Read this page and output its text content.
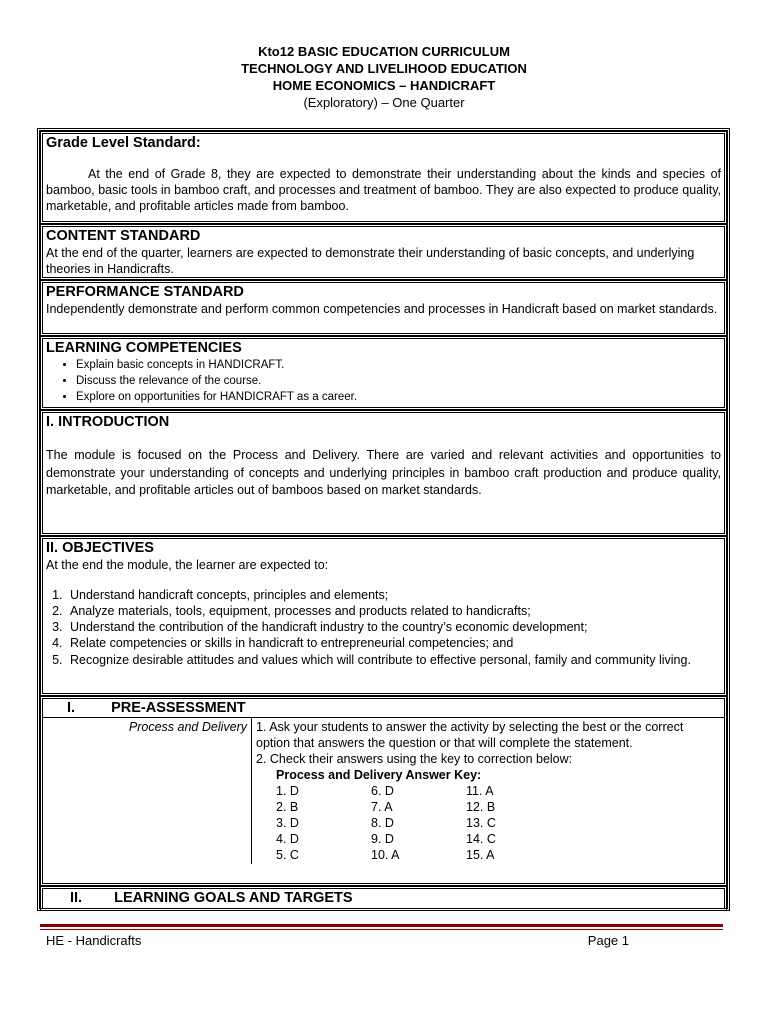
Kto12 BASIC EDUCATION CURRICULUM
TECHNOLOGY AND LIVELIHOOD EDUCATION
HOME ECONOMICS – HANDICRAFT
(Exploratory) – One Quarter
Grade Level Standard:

At the end of Grade 8, they are expected to demonstrate their understanding about the kinds and species of bamboo, basic tools in bamboo craft, and processes and treatment of bamboo. They are also expected to produce quality, marketable, and profitable articles made from bamboo.

CONTENT STANDARD

At the end of the quarter, learners are expected to demonstrate their understanding of basic concepts, and underlying theories in Handicrafts.

PERFORMANCE STANDARD

Independently demonstrate and perform common competencies and processes in Handicraft based on market standards.

LEARNING COMPETENCIES
• Explain basic concepts in HANDICRAFT.
• Discuss the relevance of the course.
• Explore on opportunities for HANDICRAFT as a career.
I. INTRODUCTION

The module is focused on the Process and Delivery. There are varied and relevant activities and opportunities to demonstrate your understanding of concepts and underlying principles in bamboo craft production and produce quality, marketable, and profitable articles out of bamboos based on market standards.

II. OBJECTIVES

At the end the module, the learner are expected to:

1. Understand handicraft concepts, principles and elements;
2. Analyze materials, tools, equipment, processes and products related to handicrafts;
3. Understand the contribution of the handicraft industry to the country’s economic development;
4. Relate competencies or skills in handicraft to entrepreneurial competencies; and
5. Recognize desirable attitudes and values which will contribute to effective personal, family and community living.
I. PRE-ASSESSMENT
Process and Delivery	1. Ask your students to answer the activity by selecting the best or the correct option that answers the question or that will complete the statement.
2. Check their answers using the key to correction below:
Process and Delivery Answer Key:
1. D	6. D	11. A
2. B	7. A	12. B
3. D	8. D	13. C
4. D	9. D	14. C
5. C	10. A	15. A
II. LEARNING GOALS AND TARGETS
HE - Handicrafts	Page 1
